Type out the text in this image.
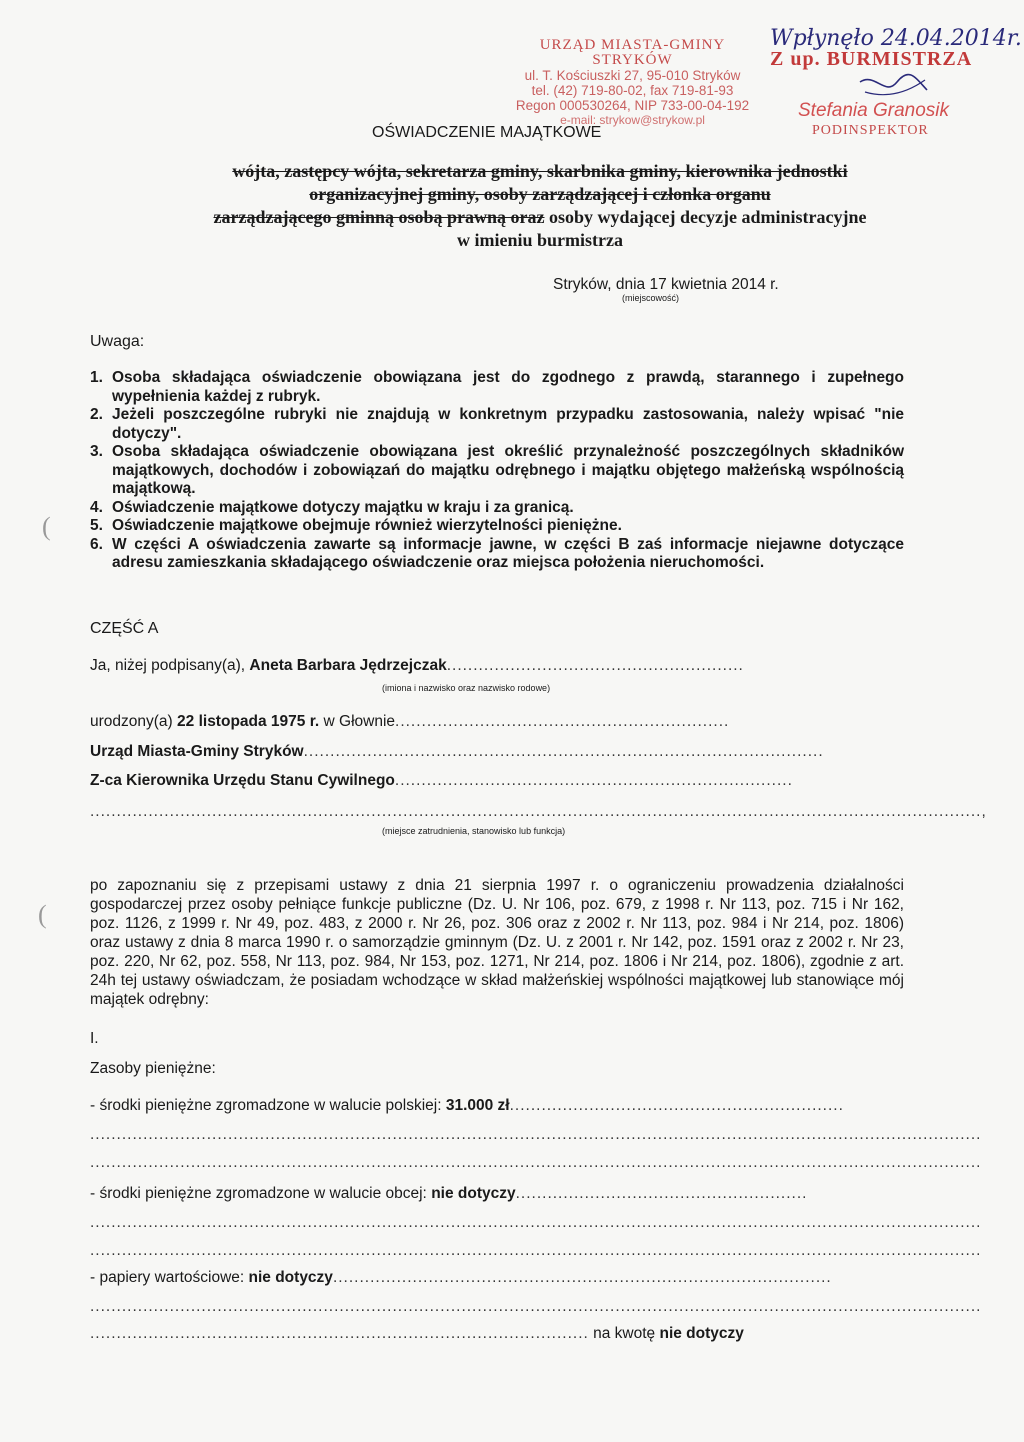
URZĄD MIASTA-GMINY STRYKÓW
ul. T. Kościuszki 27, 95-010 Stryków
tel. (42) 719-80-02, fax 719-81-93
Regon 000530264, NIP 733-00-04-192
e-mail: strykow@strykow.pl
Wpłynęło 24.04.2014r.
Z up. BURMISTRZA
Stefania Granosik
PODINSPEKTOR
OŚWIADCZENIE MAJĄTKOWE
wójta, zastępcy wójta, sekretarza gminy, skarbnika gminy, kierownika jednostki
organizacyjnej gminy, osoby zarządzającej i członka organu
zarządzającego gminną osobą prawną oraz osoby wydającej decyzje administracyjne
w imieniu burmistrza
Stryków, dnia 17 kwietnia 2014 r.
(miejscowość)
Uwaga:
1. Osoba składająca oświadczenie obowiązana jest do zgodnego z prawdą, starannego i zupełnego wypełnienia każdej z rubryk.
2. Jeżeli poszczególne rubryki nie znajdują w konkretnym przypadku zastosowania, należy wpisać "nie dotyczy".
3. Osoba składająca oświadczenie obowiązana jest określić przynależność poszczególnych składników majątkowych, dochodów i zobowiązań do majątku odrębnego i majątku objętego małżeńską wspólnością majątkową.
4. Oświadczenie majątkowe dotyczy majątku w kraju i za granicą.
5. Oświadczenie majątkowe obejmuje również wierzytelności pieniężne.
6. W części A oświadczenia zawarte są informacje jawne, w części B zaś informacje niejawne dotyczące adresu zamieszkania składającego oświadczenie oraz miejsca położenia nieruchomości.
(
(
CZĘŚĆ A
Ja, niżej podpisany(a), Aneta Barbara Jędrzejczak........................................................
(imiona i nazwisko oraz nazwisko rodowe)
urodzony(a) 22 listopada 1975 r. w Głownie...............................................................
Urząd Miasta-Gminy Stryków..................................................................................................
Z-ca Kierownika Urzędu Stanu Cywilnego...........................................................................
........................................................................................................................................................................,
(miejsce zatrudnienia, stanowisko lub funkcja)
po zapoznaniu się z przepisami ustawy z dnia 21 sierpnia 1997 r. o ograniczeniu prowadzenia działalności gospodarczej przez osoby pełniące funkcje publiczne (Dz. U. Nr 106, poz. 679, z 1998 r. Nr 113, poz. 715 i Nr 162, poz. 1126, z 1999 r. Nr 49, poz. 483, z 2000 r. Nr 26, poz. 306 oraz z 2002 r. Nr 113, poz. 984 i Nr 214, poz. 1806) oraz ustawy z dnia 8 marca 1990 r. o samorządzie gminnym (Dz. U. z 2001 r. Nr 142, poz. 1591 oraz z 2002 r. Nr 23, poz. 220, Nr 62, poz. 558, Nr 113, poz. 984, Nr 153, poz. 1271, Nr 214, poz. 1806 i Nr 214, poz. 1806), zgodnie z art. 24h tej ustawy oświadczam, że posiadam wchodzące w skład małżeńskiej wspólności majątkowej lub stanowiące mój majątek odrębny:
I.
Zasoby pieniężne:
- środki pieniężne zgromadzone w walucie polskiej: 31.000 zł...............................................................
........................................................................................................................................................................
........................................................................................................................................................................
- środki pieniężne zgromadzone w walucie obcej: nie dotyczy.......................................................
........................................................................................................................................................................
........................................................................................................................................................................
- papiery wartościowe: nie dotyczy..............................................................................................
........................................................................................................................................................................
.............................................................................................. na kwotę nie dotyczy
